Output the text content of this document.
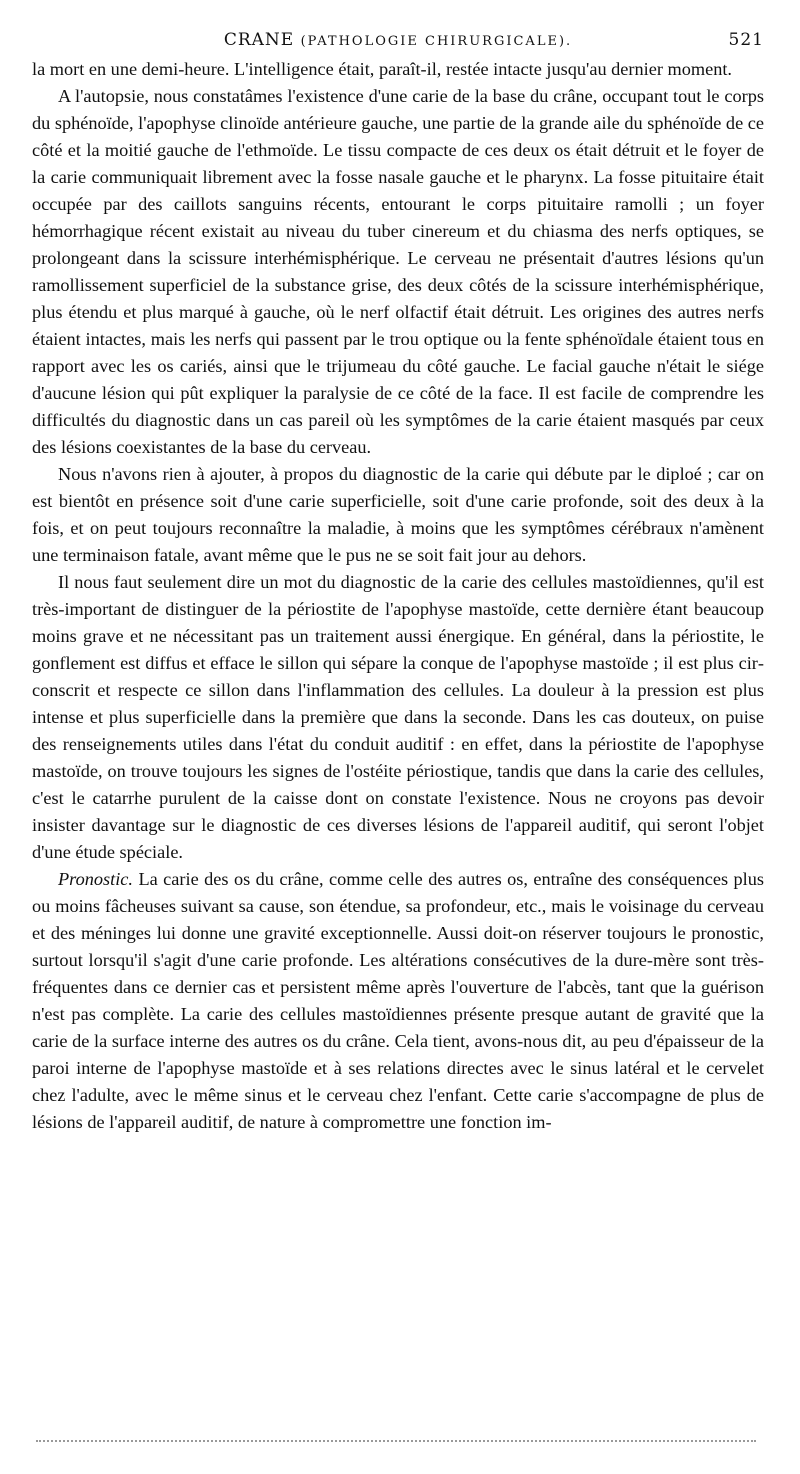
CRANE (PATHOLOGIE CHIRURGICALE).	521

la mort en une demi-heure. L'intelligence était, paraît-il, restée intacte jusqu'au dernier moment.

A l'autopsie, nous constatâmes l'existence d'une carie de la base du crâne, occupant tout le corps du sphénoïde, l'apophyse clinoïde antérieure gauche, une partie de la grande aile du sphénoïde de ce côté et la moitié gauche de l'ethmoïde. Le tissu compacte de ces deux os était détruit et le foyer de la carie communiquait librement avec la fosse nasale gauche et le pharynx. La fosse pituitaire était occupée par des caillots sanguins récents, entourant le corps pituitaire ramolli ; un foyer hémorrhagique récent existait au niveau du tuber cinereum et du chiasma des nerfs optiques, se prolongeant dans la scissure interhémisphérique. Le cerveau ne présentait d'autres lésions qu'un ramollissement superficiel de la substance grise, des deux côtés de la scissure interhémisphérique, plus étendu et plus marqué à gauche, où le nerf olfactif était détruit. Les origines des autres nerfs étaient intactes, mais les nerfs qui passent par le trou optique ou la fente sphénoïdale étaient tous en rapport avec les os cariés, ainsi que le trijumeau du côté gauche. Le facial gauche n'était le siége d'aucune lésion qui pût expliquer la paralysie de ce côté de la face. Il est facile de comprendre les difficultés du diagnostic dans un cas pareil où les symptômes de la carie étaient masqués par ceux des lésions coexistantes de la base du cerveau.

Nous n'avons rien à ajouter, à propos du diagnostic de la carie qui débute par le diploé ; car on est bientôt en présence soit d'une carie superficielle, soit d'une carie profonde, soit des deux à la fois, et on peut toujours reconnaître la maladie, à moins que les symptômes cérébraux n'amènent une terminaison fatale, avant même que le pus ne se soit fait jour au dehors.

Il nous faut seulement dire un mot du diagnostic de la carie des cellules mastoïdiennes, qu'il est très-important de distinguer de la périostite de l'apophyse mastoïde, cette dernière étant beaucoup moins grave et ne nécessitant pas un traitement aussi énergique. En général, dans la périostite, le gonflement est diffus et efface le sillon qui sépare la conque de l'apophyse mastoïde ; il est plus circonscrit et respecte ce sillon dans l'inflammation des cellules. La douleur à la pression est plus intense et plus superficielle dans la première que dans la seconde. Dans les cas douteux, on puise des renseignements utiles dans l'état du conduit auditif : en effet, dans la périostite de l'apophyse mastoïde, on trouve toujours les signes de l'ostéite périostique, tandis que dans la carie des cellules, c'est le catarrhe purulent de la caisse dont on constate l'existence. Nous ne croyons pas devoir insister davantage sur le diagnostic de ces diverses lésions de l'appareil auditif, qui seront l'objet d'une étude spéciale.

Pronostic. La carie des os du crâne, comme celle des autres os, entraîne des conséquences plus ou moins fâcheuses suivant sa cause, son étendue, sa profondeur, etc., mais le voisinage du cerveau et des méninges lui donne une gravité exceptionnelle. Aussi doit-on réserver toujours le pronostic, surtout lorsqu'il s'agit d'une carie profonde. Les altérations consécutives de la dure-mère sont très-fréquentes dans ce dernier cas et persistent même après l'ouverture de l'abcès, tant que la guérison n'est pas complète. La carie des cellules mastoïdiennes présente presque autant de gravité que la carie de la surface interne des autres os du crâne. Cela tient, avons-nous dit, au peu d'épaisseur de la paroi interne de l'apophyse mastoïde et à ses relations directes avec le sinus latéral et le cervelet chez l'adulte, avec le même sinus et le cerveau chez l'enfant. Cette carie s'accompagne de plus de lésions de l'appareil auditif, de nature à compromettre une fonction im-
